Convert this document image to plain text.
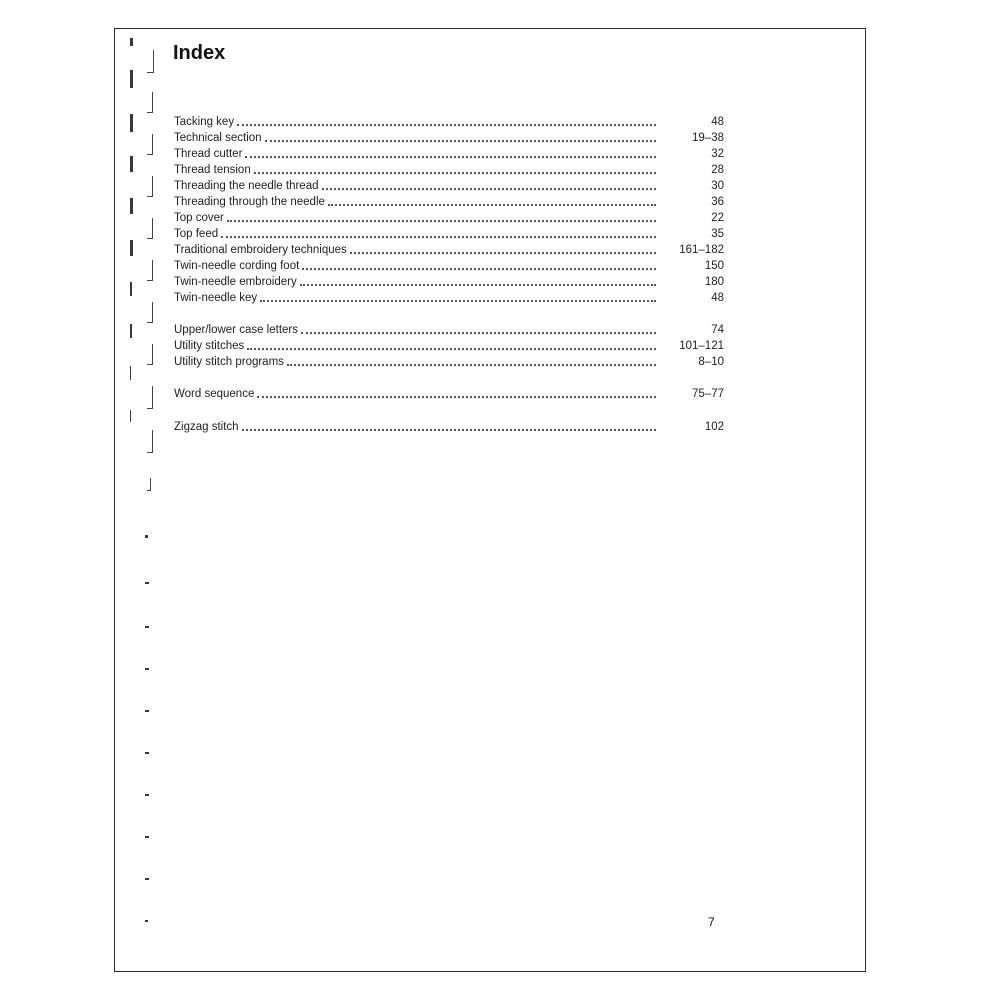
Index
Tacking key	48
Technical section	19–38
Thread cutter	32
Thread tension	28
Threading the needle thread	30
Threading through the needle	36
Top cover	22
Top feed	35
Traditional embroidery techniques	161–182
Twin-needle cording foot	150
Twin-needle embroidery	180
Twin-needle key	48
Upper/lower case letters	74
Utility stitches	101–121
Utility stitch programs	8–10
Word sequence	75–77
Zigzag stitch	102
7
